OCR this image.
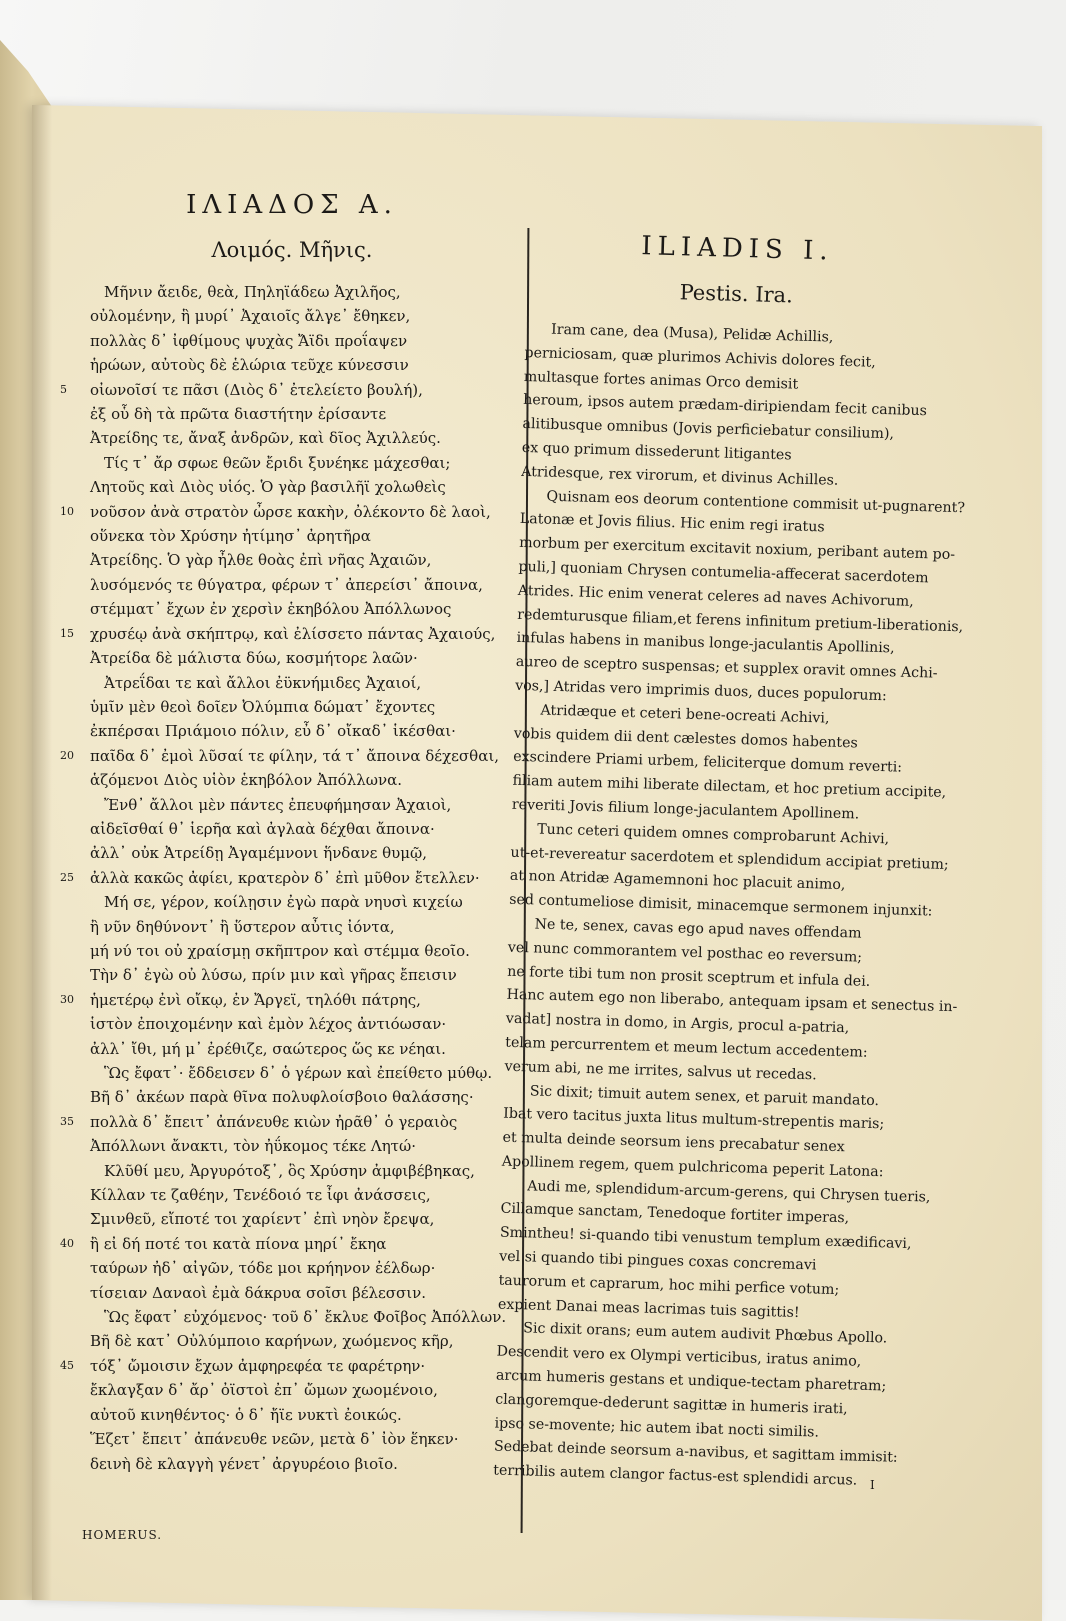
ΙΛΙΑΔΟΣ Α.
Λοιμός. Μῆνις.
Μῆνιν ἄειδε, θεὰ, Πηληϊάδεω Ἀχιλῆος,
οὐλομένην, ἣ μυρί᾽ Ἀχαιοῖς ἄλγε᾽ ἔθηκεν,
πολλὰς δ᾽ ἰφθίμους ψυχὰς Ἄϊδι προΐαψεν
ἡρώων, αὐτοὺς δὲ ἑλώρια τεῦχε κύνεσσιν
5 οἰωνοῖσί τε πᾶσι (Διὸς δ᾽ ἐτελείετο βουλή),
ἐξ οὗ δὴ τὰ πρῶτα διαστήτην ἐρίσαντε
Ἀτρείδης τε, ἄναξ ἀνδρῶν, καὶ δῖος Ἀχιλλεύς.
Τίς τ᾽ ἄρ σφωε θεῶν ἔριδι ξυνέηκε μάχεσθαι;
Λητοῦς καὶ Διὸς υἱός. Ὁ γὰρ βασιλῆϊ χολωθεὶς
10 νοῦσον ἀνὰ στρατὸν ὦρσε κακὴν, ὀλέκοντο δὲ λαοὶ,
οὕνεκα τὸν Χρύσην ἠτίμησ᾽ ἀρητῆρα
Ἀτρείδης. Ὁ γὰρ ἦλθε θοὰς ἐπὶ νῆας Ἀχαιῶν,
λυσόμενός τε θύγατρα, φέρων τ᾽ ἀπερείσι᾽ ἄποινα,
στέμματ᾽ ἔχων ἐν χερσὶν ἑκηβόλου Ἀπόλλωνος
15 χρυσέῳ ἀνὰ σκήπτρῳ, καὶ ἐλίσσετο πάντας Ἀχαιούς,
Ἀτρείδα δὲ μάλιστα δύω, κοσμήτορε λαῶν·
Ἀτρεΐδαι τε καὶ ἄλλοι ἐϋκνήμιδες Ἀχαιοί,
ὑμῖν μὲν θεοὶ δοῖεν Ὀλύμπια δώματ᾽ ἔχοντες
ἐκπέρσαι Πριάμοιο πόλιν, εὖ δ᾽ οἴκαδ᾽ ἱκέσθαι·
20 παῖδα δ᾽ ἐμοὶ λῦσαί τε φίλην, τά τ᾽ ἄποινα δέχεσθαι,
ἁζόμενοι Διὸς υἱὸν ἑκηβόλον Ἀπόλλωνα.
Ἔνθ᾽ ἄλλοι μὲν πάντες ἐπευφήμησαν Ἀχαιοὶ,
αἰδεῖσθαί θ᾽ ἱερῆα καὶ ἀγλαὰ δέχθαι ἄποινα·
ἀλλ᾽ οὐκ Ἀτρείδῃ Ἀγαμέμνονι ἥνδανε θυμῷ,
25 ἀλλὰ κακῶς ἀφίει, κρατερὸν δ᾽ ἐπὶ μῦθον ἔτελλεν·
Μή σε, γέρον, κοίλῃσιν ἐγὼ παρὰ νηυσὶ κιχείω
ἢ νῦν δηθύνοντ᾽ ἢ ὕστερον αὖτις ἰόντα,
μή νύ τοι οὐ χραίσμῃ σκῆπτρον καὶ στέμμα θεοῖο.
Τὴν δ᾽ ἐγὼ οὐ λύσω, πρίν μιν καὶ γῆρας ἔπεισιν
30 ἡμετέρῳ ἐνὶ οἴκῳ, ἐν Ἄργεϊ, τηλόθι πάτρης,
ἱστὸν ἐποιχομένην καὶ ἐμὸν λέχος ἀντιόωσαν·
ἀλλ᾽ ἴθι, μή μ᾽ ἐρέθιζε, σαώτερος ὥς κε νέηαι.
Ὣς ἔφατ᾽· ἔδδεισεν δ᾽ ὁ γέρων καὶ ἐπείθετο μύθῳ.
Βῆ δ᾽ ἀκέων παρὰ θῖνα πολυφλοίσβοιο θαλάσσης·
35 πολλὰ δ᾽ ἔπειτ᾽ ἀπάνευθε κιὼν ἠρᾶθ᾽ ὁ γεραιὸς
Ἀπόλλωνι ἄνακτι, τὸν ἠΰκομος τέκε Λητώ·
Κλῦθί μευ, Ἀργυρότοξ᾽, ὃς Χρύσην ἀμφιβέβηκας,
Κίλλαν τε ζαθέην, Τενέδοιό τε ἶφι ἀνάσσεις,
Σμινθεῦ, εἴποτέ τοι χαρίεντ᾽ ἐπὶ νηὸν ἔρεψα,
40 ἢ εἰ δή ποτέ τοι κατὰ πίονα μηρί᾽ ἔκηα
ταύρων ἠδ᾽ αἰγῶν, τόδε μοι κρήηνον ἐέλδωρ·
τίσειαν Δαναοὶ ἐμὰ δάκρυα σοῖσι βέλεσσιν.
Ὣς ἔφατ᾽ εὐχόμενος· τοῦ δ᾽ ἔκλυε Φοῖβος Ἀπόλλων.
Βῆ δὲ κατ᾽ Οὐλύμποιο καρήνων, χωόμενος κῆρ,
45 τόξ᾽ ὤμοισιν ἔχων ἀμφηρεφέα τε φαρέτρην·
ἔκλαγξαν δ᾽ ἄρ᾽ ὀϊστοὶ ἐπ᾽ ὤμων χωομένοιο,
αὐτοῦ κινηθέντος· ὁ δ᾽ ἤϊε νυκτὶ ἐοικώς.
Ἕζετ᾽ ἔπειτ᾽ ἀπάνευθε νεῶν, μετὰ δ᾽ ἰὸν ἕηκεν·
δεινὴ δὲ κλαγγὴ γένετ᾽ ἀργυρέοιο βιοῖο.
ILIADIS I.
Pestis. Ira.
Iram cane, dea (Musa), Pelidæ Achillis,
perniciosam, quæ plurimos Achivis dolores fecit,
multasque fortes animas Orco demisit
heroum, ipsos autem prædam-diripiendam fecit canibus
alitibusque omnibus (Jovis perficiebatur consilium),
ex quo primum dissederunt litigantes
Atridesque, rex virorum, et divinus Achilles.
Quisnam eos deorum contentione commisit ut-pugnarent?
Latonæ et Jovis filius. Hic enim regi iratus
morbum per exercitum excitavit noxium, peribant autem po-
puli,] quoniam Chrysen contumelia-affecerat sacerdotem
Atrides. Hic enim venerat celeres ad naves Achivorum,
redemturusque filiam,et ferens infinitum pretium-liberationis,
infulas habens in manibus longe-jaculantis Apollinis,
aureo de sceptro suspensas; et supplex oravit omnes Achi-
vos,] Atridas vero imprimis duos, duces populorum:
Atridæque et ceteri bene-ocreati Achivi,
vobis quidem dii dent cælestes domos habentes
exscindere Priami urbem, feliciterque domum reverti:
filiam autem mihi liberate dilectam, et hoc pretium accipite,
reveriti Jovis filium longe-jaculantem Apollinem.
Tunc ceteri quidem omnes comprobarunt Achivi,
ut-et-revereatur sacerdotem et splendidum accipiat pretium;
at non Atridæ Agamemnoni hoc placuit animo,
sed contumeliose dimisit, minacemque sermonem injunxit:
Ne te, senex, cavas ego apud naves offendam
vel nunc commorantem vel posthac eo reversum;
ne forte tibi tum non prosit sceptrum et infula dei.
Hanc autem ego non liberabo, antequam ipsam et senectus in-
vadat] nostra in domo, in Argis, procul a-patria,
telam percurrentem et meum lectum accedentem:
verum abi, ne me irrites, salvus ut recedas.
Sic dixit; timuit autem senex, et paruit mandato.
Ibat vero tacitus juxta litus multum-strepentis maris;
et multa deinde seorsum iens precabatur senex
Apollinem regem, quem pulchricoma peperit Latona:
Audi me, splendidum-arcum-gerens, qui Chrysen tueris,
Cillamque sanctam, Tenedoque fortiter imperas,
Smintheu! si-quando tibi venustum templum exædificavi,
vel si quando tibi pingues coxas concremavi
taurorum et caprarum, hoc mihi perfice votum;
expient Danai meas lacrimas tuis sagittis!
Sic dixit orans; eum autem audivit Phœbus Apollo.
Descendit vero ex Olympi verticibus, iratus animo,
arcum humeris gestans et undique-tectam pharetram;
clangoremque-dederunt sagittæ in humeris irati,
ipso se-movente; hic autem ibat nocti similis.
Sedebat deinde seorsum a-navibus, et sagittam immisit:
terribilis autem clangor factus-est splendidi arcus.
HOMERUS.
I
